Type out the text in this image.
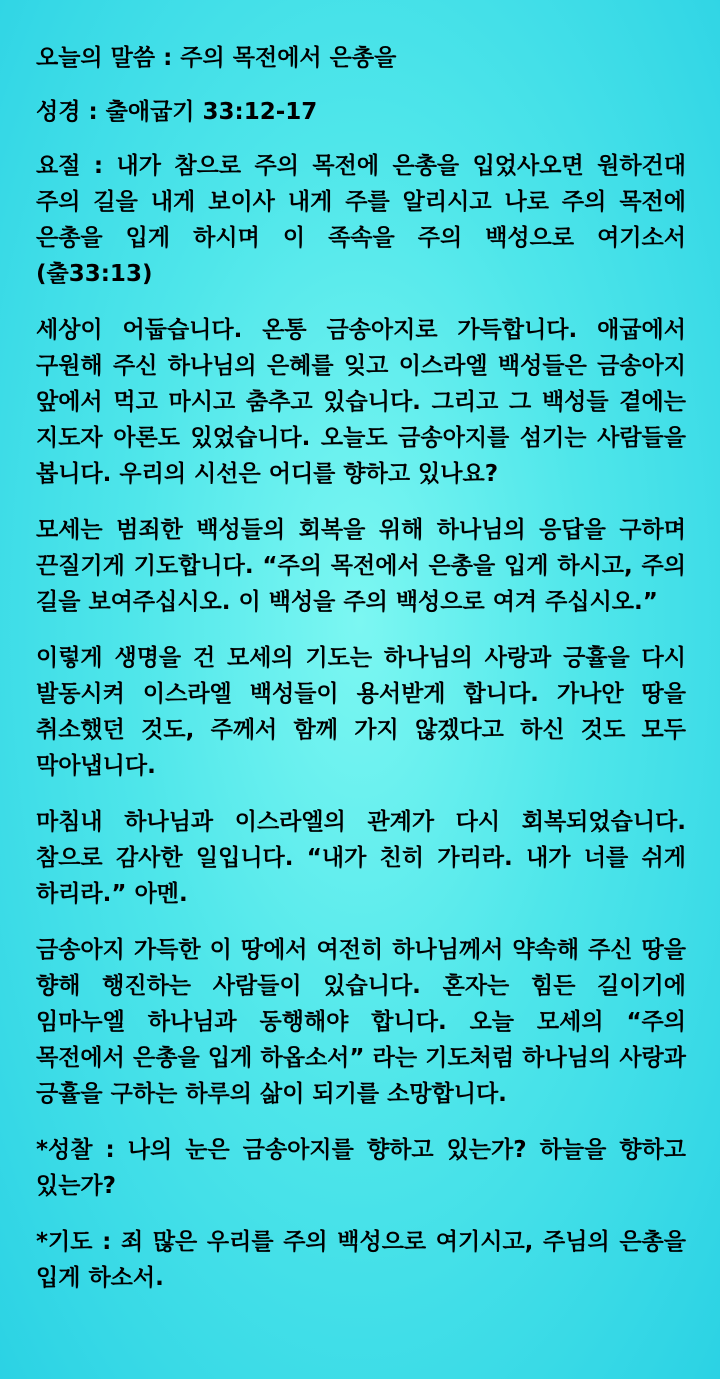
오늘의 말씀 : 주의 목전에서 은총을

성경 : 출애굽기 33:12-17

요절 : 내가 참으로 주의 목전에 은총을 입었사오면 원하건대 주의 길을 내게 보이사 내게 주를 알리시고 나로 주의 목전에 은총을 입게 하시며 이 족속을 주의 백성으로 여기소서(출33:13)

세상이 어둡습니다. 온통 금송아지로 가득합니다. 애굽에서 구원해 주신 하나님의 은혜를 잊고 이스라엘 백성들은 금송아지 앞에서 먹고 마시고 춤추고 있습니다. 그리고 그 백성들 곁에는 지도자 아론도 있었습니다. 오늘도 금송아지를 섬기는 사람들을 봅니다. 우리의 시선은 어디를 향하고 있나요?

모세는 범죄한 백성들의 회복을 위해 하나님의 응답을 구하며 끈질기게 기도합니다. “주의 목전에서 은총을 입게 하시고, 주의 길을 보여주십시오. 이 백성을 주의 백성으로 여겨 주십시오.”

이렇게 생명을 건 모세의 기도는 하나님의 사랑과 긍휼을 다시 발동시켜 이스라엘 백성들이 용서받게 합니다. 가나안 땅을 취소했던 것도, 주께서 함께 가지 않겠다고 하신 것도 모두 막아냅니다.

마침내 하나님과 이스라엘의 관계가 다시 회복되었습니다. 참으로 감사한 일입니다. “내가 친히 가리라. 내가 너를 쉬게 하리라.” 아멘.

금송아지 가득한 이 땅에서 여전히 하나님께서 약속해 주신 땅을 향해 행진하는 사람들이 있습니다. 혼자는 힘든 길이기에 임마누엘 하나님과 동행해야 합니다. 오늘 모세의 “주의 목전에서 은총을 입게 하옵소서” 라는 기도처럼 하나님의 사랑과 긍휼을 구하는 하루의 삶이 되기를 소망합니다.

*성찰 : 나의 눈은 금송아지를 향하고 있는가? 하늘을 향하고 있는가?

*기도 : 죄 많은 우리를 주의 백성으로 여기시고, 주님의 은총을 입게 하소서.
